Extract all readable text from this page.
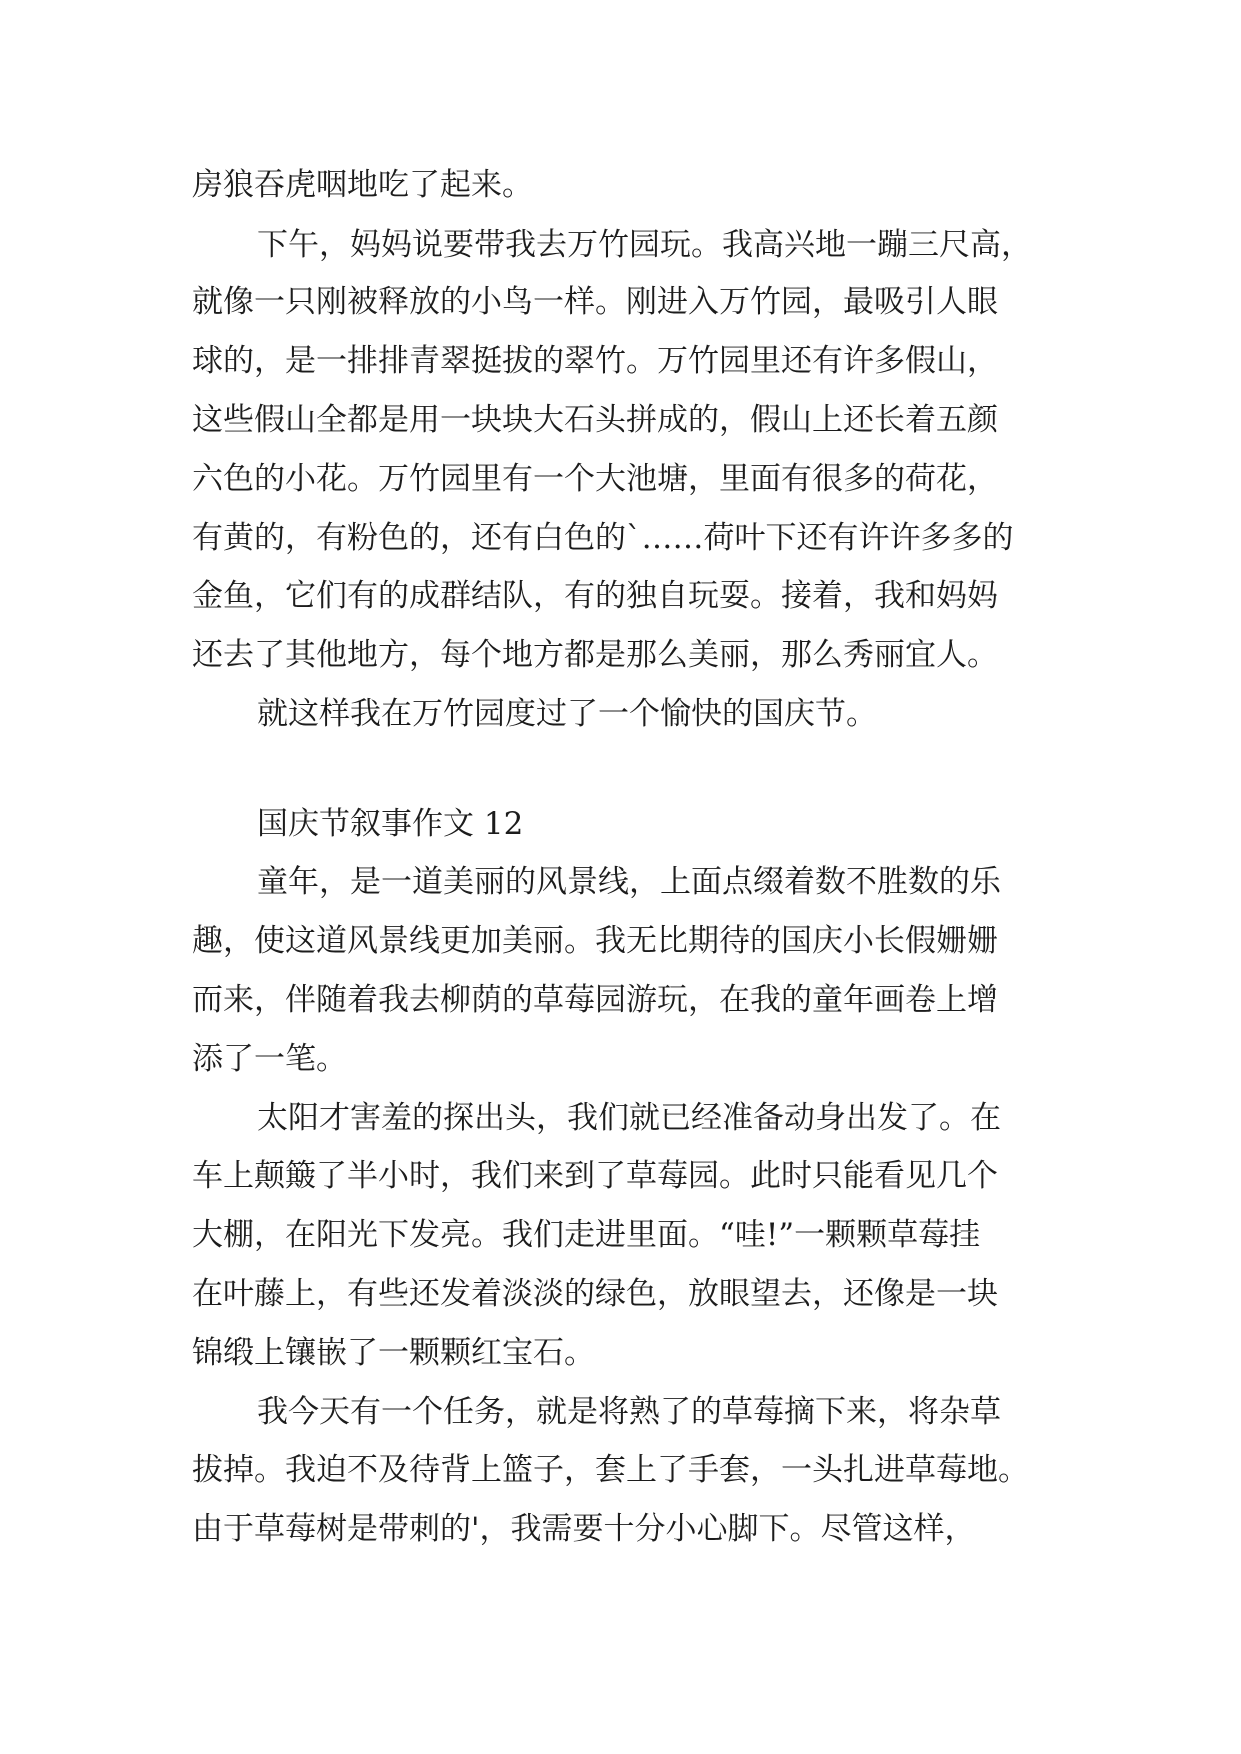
房狼吞虎咽地吃了起来。
下午，妈妈说要带我去万竹园玩。我高兴地一蹦三尺高，
就像一只刚被释放的小鸟一样。刚进入万竹园，最吸引人眼
球的，是一排排青翠挺拔的翠竹。万竹园里还有许多假山，
这些假山全都是用一块块大石头拼成的，假山上还长着五颜
六色的小花。万竹园里有一个大池塘，里面有很多的荷花，
有黄的，有粉色的，还有白色的`……荷叶下还有许许多多的
金鱼，它们有的成群结队，有的独自玩耍。接着，我和妈妈
还去了其他地方，每个地方都是那么美丽，那么秀丽宜人。
就这样我在万竹园度过了一个愉快的国庆节。
国庆节叙事作文 12
童年，是一道美丽的风景线，上面点缀着数不胜数的乐
趣，使这道风景线更加美丽。我无比期待的国庆小长假姗姗
而来，伴随着我去柳荫的草莓园游玩，在我的童年画卷上增
添了一笔。
太阳才害羞的探出头，我们就已经准备动身出发了。在
车上颠簸了半小时，我们来到了草莓园。此时只能看见几个
大棚，在阳光下发亮。我们走进里面。“哇!”一颗颗草莓挂
在叶藤上，有些还发着淡淡的绿色，放眼望去，还像是一块
锦缎上镶嵌了一颗颗红宝石。
我今天有一个任务，就是将熟了的草莓摘下来，将杂草
拔掉。我迫不及待背上篮子，套上了手套，一头扎进草莓地。
由于草莓树是带刺的'，我需要十分小心脚下。尽管这样，
